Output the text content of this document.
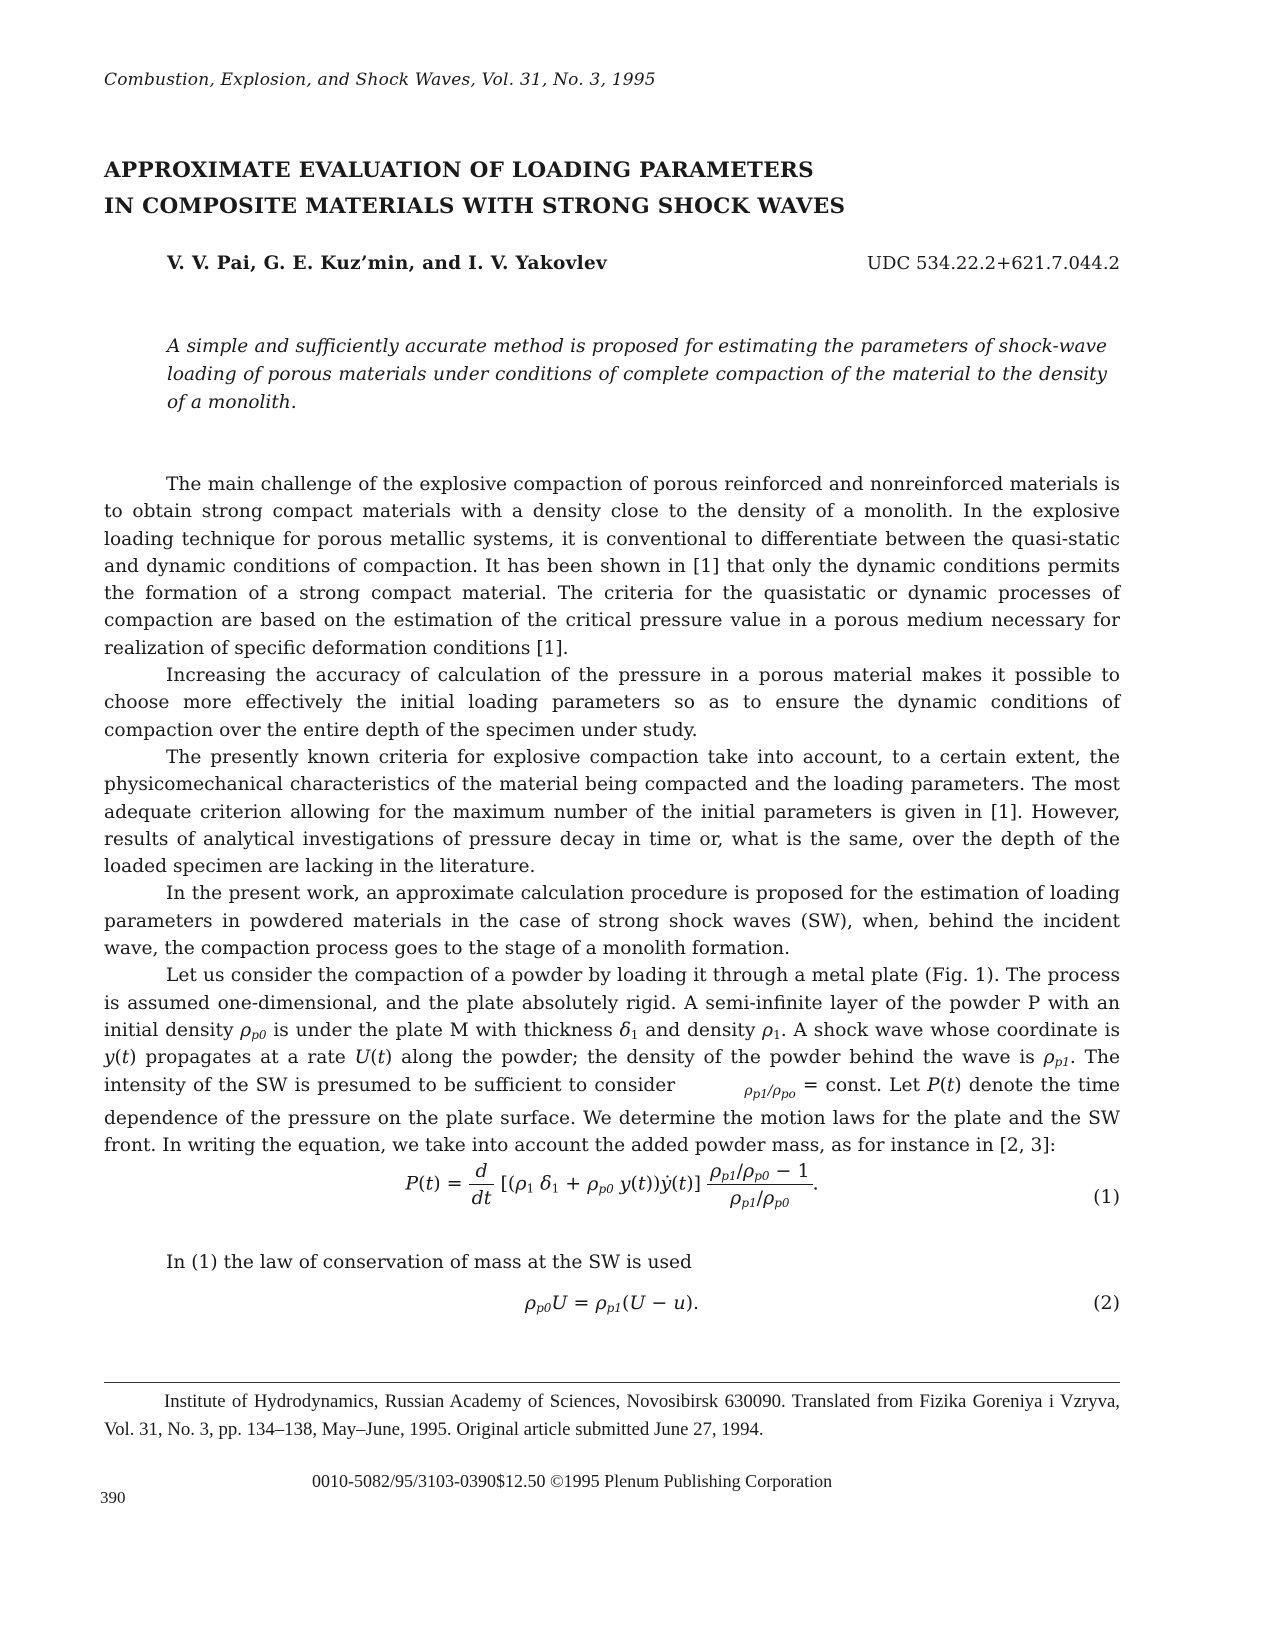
Combustion, Explosion, and Shock Waves, Vol. 31, No. 3, 1995
APPROXIMATE EVALUATION OF LOADING PARAMETERS
IN COMPOSITE MATERIALS WITH STRONG SHOCK WAVES
V. V. Pai, G. E. Kuz’min, and I. V. Yakovlev	UDC 534.22.2+621.7.044.2
A simple and sufficiently accurate method is proposed for estimating the parameters of shock-wave loading of porous materials under conditions of complete compaction of the material to the density of a monolith.

The main challenge of the explosive compaction of porous reinforced and nonreinforced materials is to obtain strong compact materials with a density close to the density of a monolith. In the explosive loading technique for porous metallic systems, it is conventional to differentiate between the quasi-static and dynamic conditions of compaction. It has been shown in [1] that only the dynamic conditions permits the formation of a strong compact material. The criteria for the quasistatic or dynamic processes of compaction are based on the estimation of the critical pressure value in a porous medium necessary for realization of specific deformation conditions [1].

Increasing the accuracy of calculation of the pressure in a porous material makes it possible to choose more effectively the initial loading parameters so as to ensure the dynamic conditions of compaction over the entire depth of the specimen under study.

The presently known criteria for explosive compaction take into account, to a certain extent, the physicomechanical characteristics of the material being compacted and the loading parameters. The most adequate criterion allowing for the maximum number of the initial parameters is given in [1]. However, results of analytical investigations of pressure decay in time or, what is the same, over the depth of the loaded specimen are lacking in the literature.

In the present work, an approximate calculation procedure is proposed for the estimation of loading parameters in powdered materials in the case of strong shock waves (SW), when, behind the incident wave, the compaction process goes to the stage of a monolith formation.

Let us consider the compaction of a powder by loading it through a metal plate (Fig. 1). The process is assumed one-dimensional, and the plate absolutely rigid. A semi-infinite layer of the powder P with an initial density $\rho_{p0}$ is under the plate M with thickness $\delta_1$ and density $\rho_1$. A shock wave whose coordinate is y(t) propagates at a rate U(t) along the powder; the density of the powder behind the wave is $\rho_{p1}$. The intensity of the SW is presumed to be sufficient to consider	$\rho_{p1}/\rho_{po}$ = const. Let P(t) denote the time dependence of the pressure on the plate surface. We determine the motion laws for the plate and the SW front. In writing the equation, we take into account the added powder mass, as for instance in [2, 3]:

$P(t) = \frac{d}{dt} [(\rho_1$ $\delta_1 + \rho_{p0}$ y(t))ẏ(t)] $\frac{\rho_{p1}/\rho_{p0} - 1}{\rho_{p1}/\rho_{p0}}$ .
(1)

In (1) the law of conservation of mass at the SW is used

$\rho_{p0}U = \rho_{p1}(U - u)$.	(2)

Institute of Hydrodynamics, Russian Academy of Sciences, Novosibirsk 630090. Translated from Fizika Goreniya i Vzryva, Vol. 31, No. 3, pp. 134–138, May–June, 1995. Original article submitted June 27, 1994.

390
0010-5082/95/3103-0390$12.50 ©1995 Plenum Publishing Corporation
